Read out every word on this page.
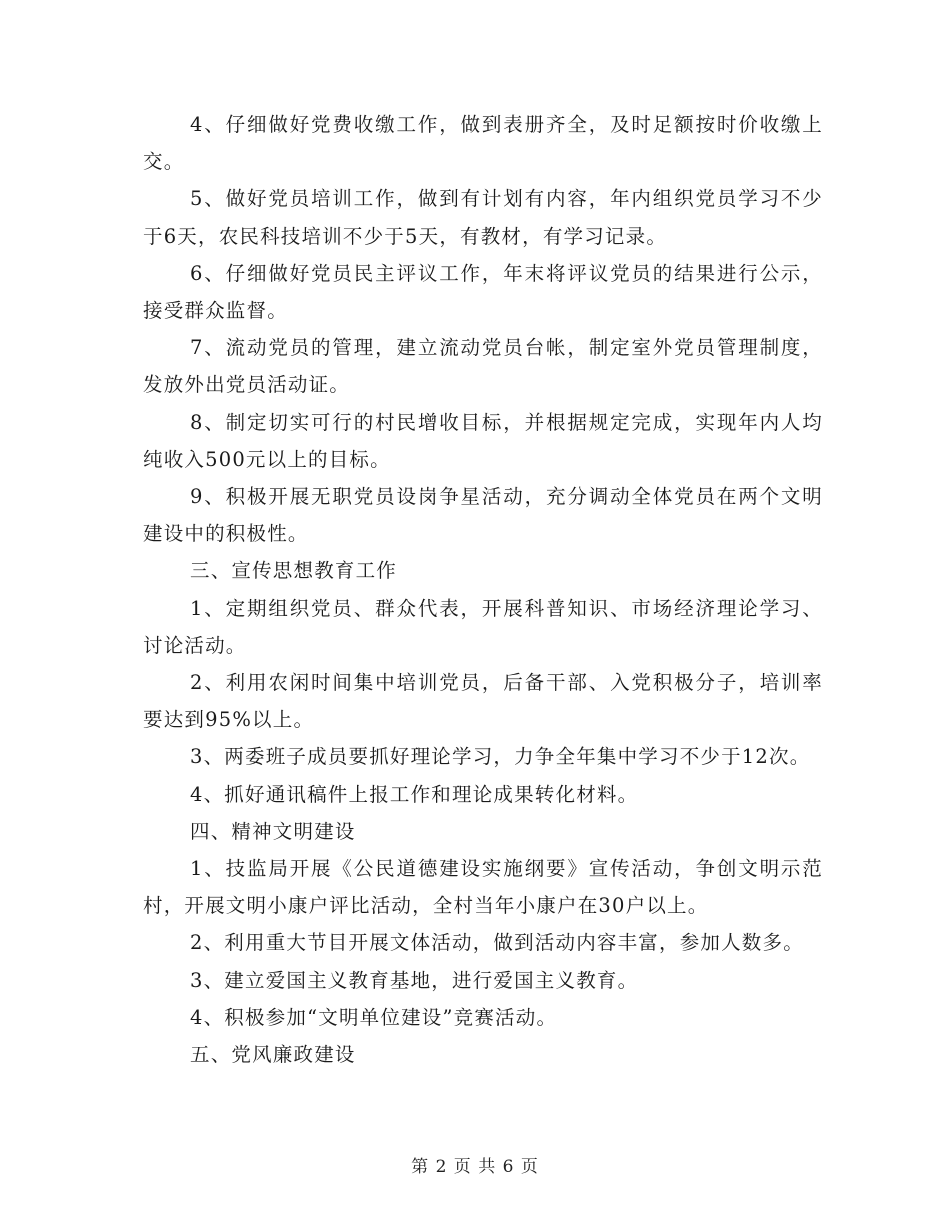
4、仔细做好党费收缴工作，做到表册齐全，及时足额按时价收缴上交。

5、做好党员培训工作，做到有计划有内容，年内组织党员学习不少于6天，农民科技培训不少于5天，有教材，有学习记录。

6、仔细做好党员民主评议工作，年末将评议党员的结果进行公示，接受群众监督。

7、流动党员的管理，建立流动党员台帐，制定室外党员管理制度，发放外出党员活动证。

8、制定切实可行的村民增收目标，并根据规定完成，实现年内人均纯收入500元以上的目标。

9、积极开展无职党员设岗争星活动，充分调动全体党员在两个文明建设中的积极性。

三、宣传思想教育工作

1、定期组织党员、群众代表，开展科普知识、市场经济理论学习、讨论活动。

2、利用农闲时间集中培训党员，后备干部、入党积极分子，培训率要达到95%以上。

3、两委班子成员要抓好理论学习，力争全年集中学习不少于12次。

4、抓好通讯稿件上报工作和理论成果转化材料。

四、精神文明建设

1、技监局开展《公民道德建设实施纲要》宣传活动，争创文明示范村，开展文明小康户评比活动，全村当年小康户在30户以上。

2、利用重大节目开展文体活动，做到活动内容丰富，参加人数多。

3、建立爱国主义教育基地，进行爱国主义教育。

4、积极参加“文明单位建设”竞赛活动。

五、党风廉政建设

第 2 页 共 6 页
